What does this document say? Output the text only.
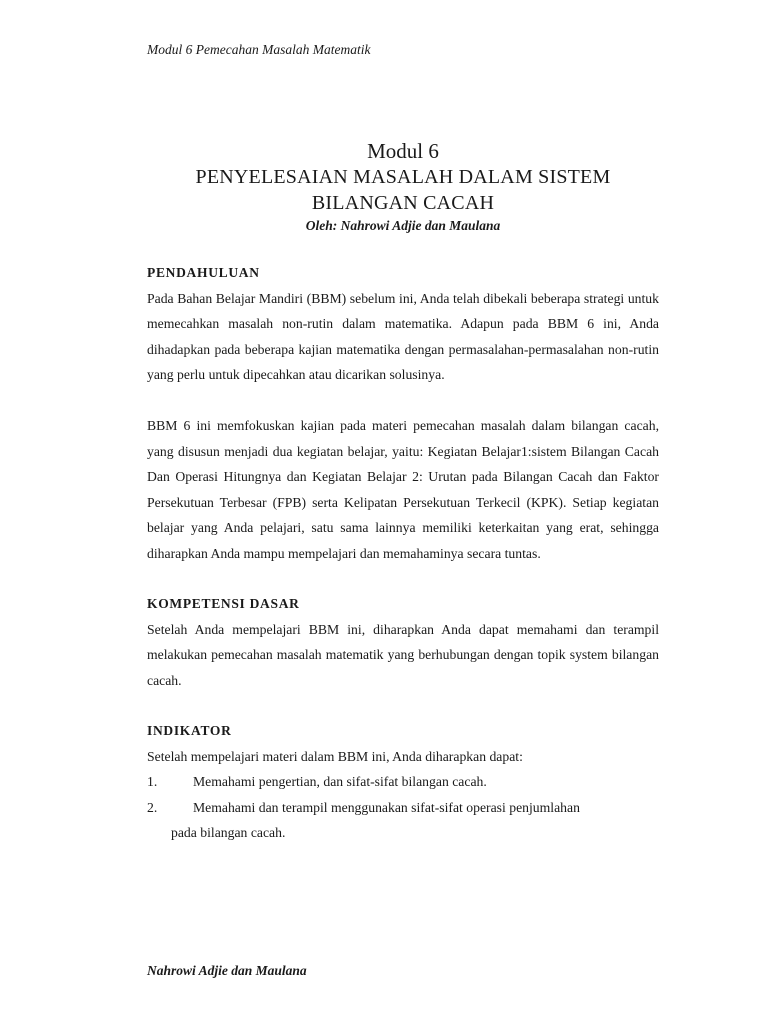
Modul 6 Pemecahan Masalah Matematik
Modul 6
PENYELESAIAN MASALAH DALAM SISTEM
BILANGAN CACAH
Oleh: Nahrowi Adjie dan Maulana
PENDAHULUAN

Pada Bahan Belajar Mandiri (BBM) sebelum ini, Anda telah dibekali beberapa strategi untuk memecahkan masalah non-rutin dalam matematika. Adapun pada BBM 6 ini, Anda dihadapkan pada beberapa kajian matematika dengan permasalahan-permasalahan non-rutin yang perlu untuk dipecahkan atau dicarikan solusinya.

BBM 6 ini memfokuskan kajian pada materi pemecahan masalah dalam bilangan cacah, yang disusun menjadi dua kegiatan belajar, yaitu: Kegiatan Belajar1:sistem Bilangan Cacah Dan Operasi Hitungnya dan Kegiatan Belajar 2: Urutan pada Bilangan Cacah dan Faktor Persekutuan Terbesar (FPB) serta Kelipatan Persekutuan Terkecil (KPK). Setiap kegiatan belajar yang Anda pelajari, satu sama lainnya memiliki keterkaitan yang erat, sehingga diharapkan Anda mampu mempelajari dan memahaminya secara tuntas.

KOMPETENSI DASAR

Setelah Anda mempelajari BBM ini, diharapkan Anda dapat memahami dan terampil melakukan pemecahan masalah matematik yang berhubungan dengan topik system bilangan cacah.

INDIKATOR

Setelah mempelajari materi dalam BBM ini, Anda diharapkan dapat:

1.	Memahami pengertian, dan sifat-sifat bilangan cacah.
2.	Memahami dan terampil menggunakan sifat-sifat operasi penjumlahan
pada bilangan cacah.
Nahrowi Adjie dan Maulana
